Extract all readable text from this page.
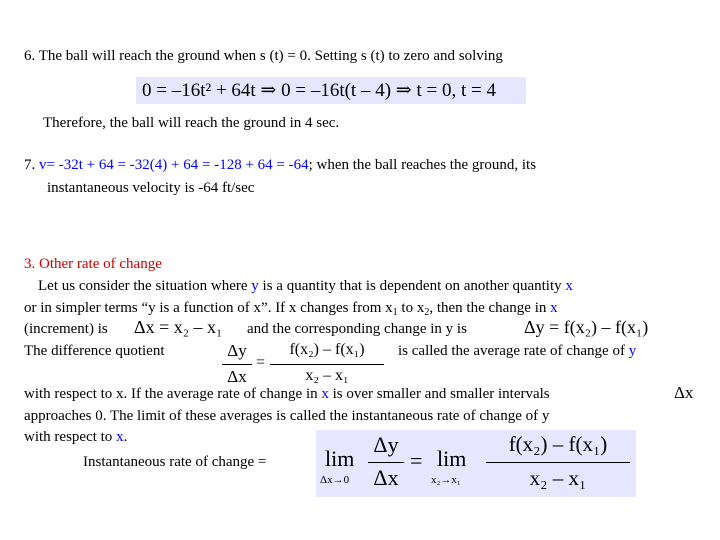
6. The ball will reach the ground when s (t) = 0. Setting s (t) to zero and solving
0 = –16t² + 64t ⇒ 0 = –16t(t – 4) ⇒ t = 0, t = 4
Therefore, the ball will reach the ground in 4 sec.
7. v= -32t + 64 = -32(4) + 64 = -128 + 64 = -64; when the ball reaches the ground, its
instantaneous velocity is -64 ft/sec
3. Other rate of change
Let us consider the situation where y is a quantity that is dependent on another quantity x
or in simpler terms “y is a function of x”. If x changes from $x_1$ to $x_2$, then the change in x
(increment) is Δx = x₂ – x₁ and the corresponding change in y is	Δy = f(x₂) – f(x₁)
The difference quotient	Δy
Δx
=
f(x₂) – f(x₁)
x₂ – x₁
is called the average rate of change of y
with respect to x. If the average rate of change in x is over smaller and smaller intervals	Δx
approaches 0. The limit of these averages is called the instantaneous rate of change of y
with respect to x.
Instantaneous rate of change =	lim
Δx→0
Δy
Δx
= lim
x₂→x₁
f(x₂) – f(x₁)
x₂ – x₁
